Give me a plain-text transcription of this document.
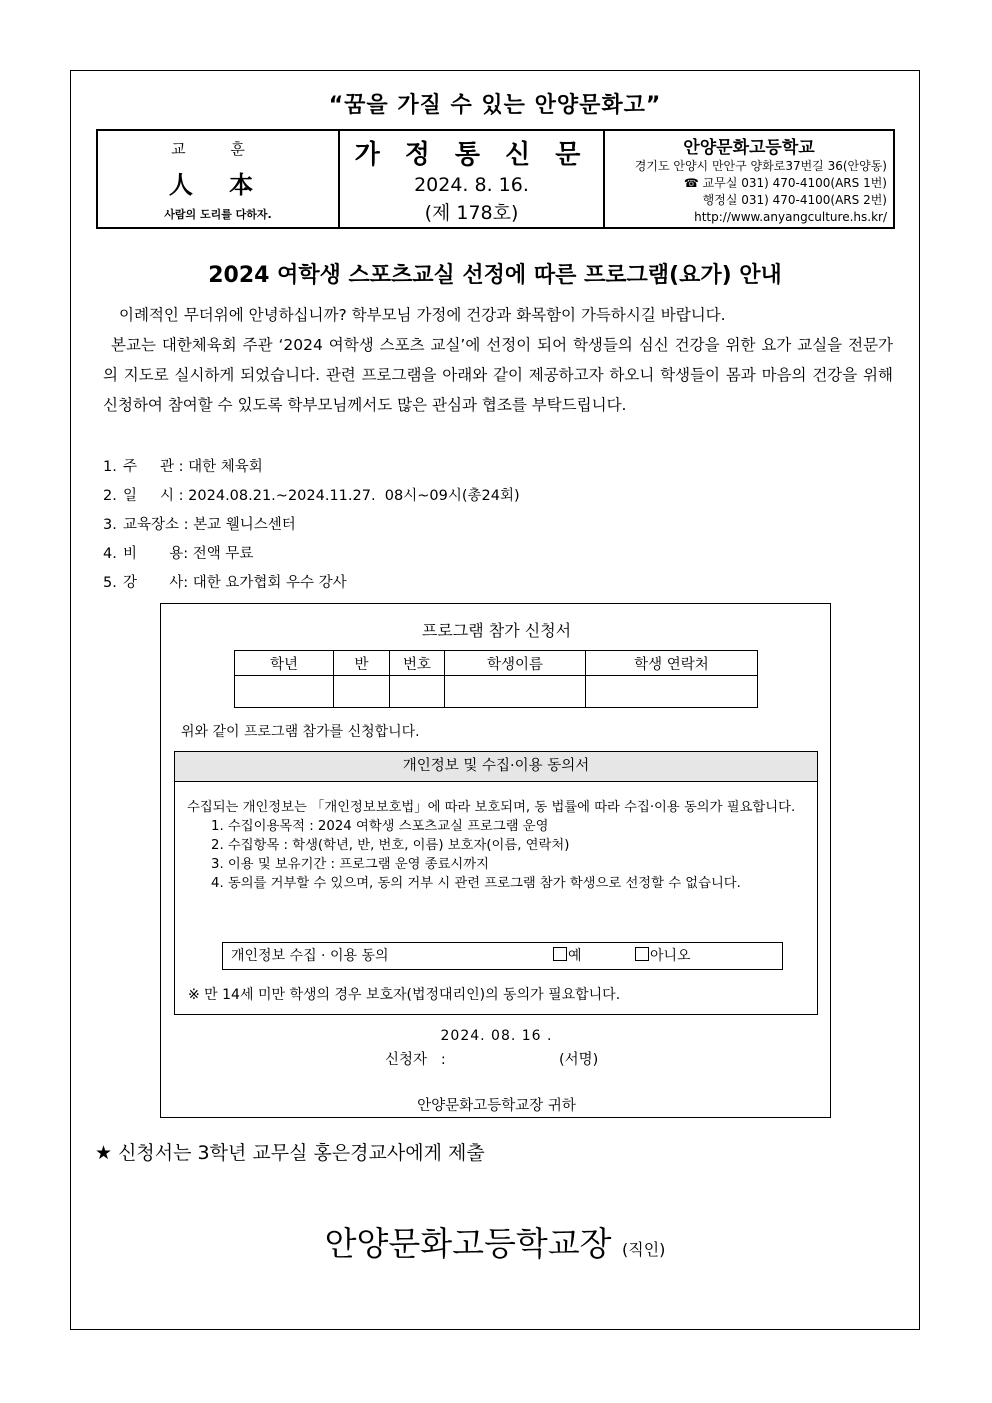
“꿈을 가질 수 있는 안양문화고”
교 훈
人 本
사람의 도리를 다하자.

가 정 통 신 문
2024. 8. 16.
(제 178호)

안양문화고등학교
경기도 안양시 만안구 양화로37번길 36(안양동)
☎ 교무실 031) 470-4100(ARS 1번)
행정실 031) 470-4100(ARS 2번)
http://www.anyangculture.hs.kr/
2024 여학생 스포츠교실 선정에 따른 프로그램(요가) 안내

이례적인 무더위에 안녕하십니까? 학부모님 가정에 건강과 화목함이 가득하시길 바랍니다.

본교는 대한체육회 주관 ‘2024 여학생 스포츠 교실’에 선정이 되어 학생들의 심신 건강을 위한 요가 교실을 전문가의 지도로 실시하게 되었습니다. 관련 프로그램을 아래와 같이 제공하고자 하오니 학생들이 몸과 마음의 건강을 위해 신청하여 참여할 수 있도록 학부모님께서도 많은 관심과 협조를 부탁드립니다.

1. 주     관 : 대한 체육회
2. 일     시 : 2024.08.21.~2024.11.27.  08시~09시(총24회)
3. 교육장소 : 본교 웰니스센터
4. 비       용: 전액 무료
5. 강       사: 대한 요가협회 우수 강사
프로그램 참가 신청서
학년	반	번호	학생이름	학생 연락처

위와 같이 프로그램 참가를 신청합니다.
개인정보 및 수집·이용 동의서
수집되는 개인정보는 「개인정보보호법」에 따라 보호되며, 동 법률에 따라 수집·이용 동의가 필요합니다.
1. 수집이용목적 : 2024 여학생 스포츠교실 프로그램 운영
2. 수집항목 : 학생(학년, 반, 번호, 이름) 보호자(이름, 연락처)
3. 이용 및 보유기간 : 프로그램 운영 종료시까지
4. 동의를 거부할 수 있으며, 동의 거부 시 관련 프로그램 참가 학생으로 선정할 수 없습니다.
개인정보 수집 · 이용 동의	예	아니오
※ 만 14세 미만 학생의 경우 보호자(법정대리인)의 동의가 필요합니다.
2024. 08. 16 .
신청자   :	(서명)
안양문화고등학교장 귀하
★ 신청서는 3학년 교무실 홍은경교사에게 제출
안양문화고등학교장 (직인)
